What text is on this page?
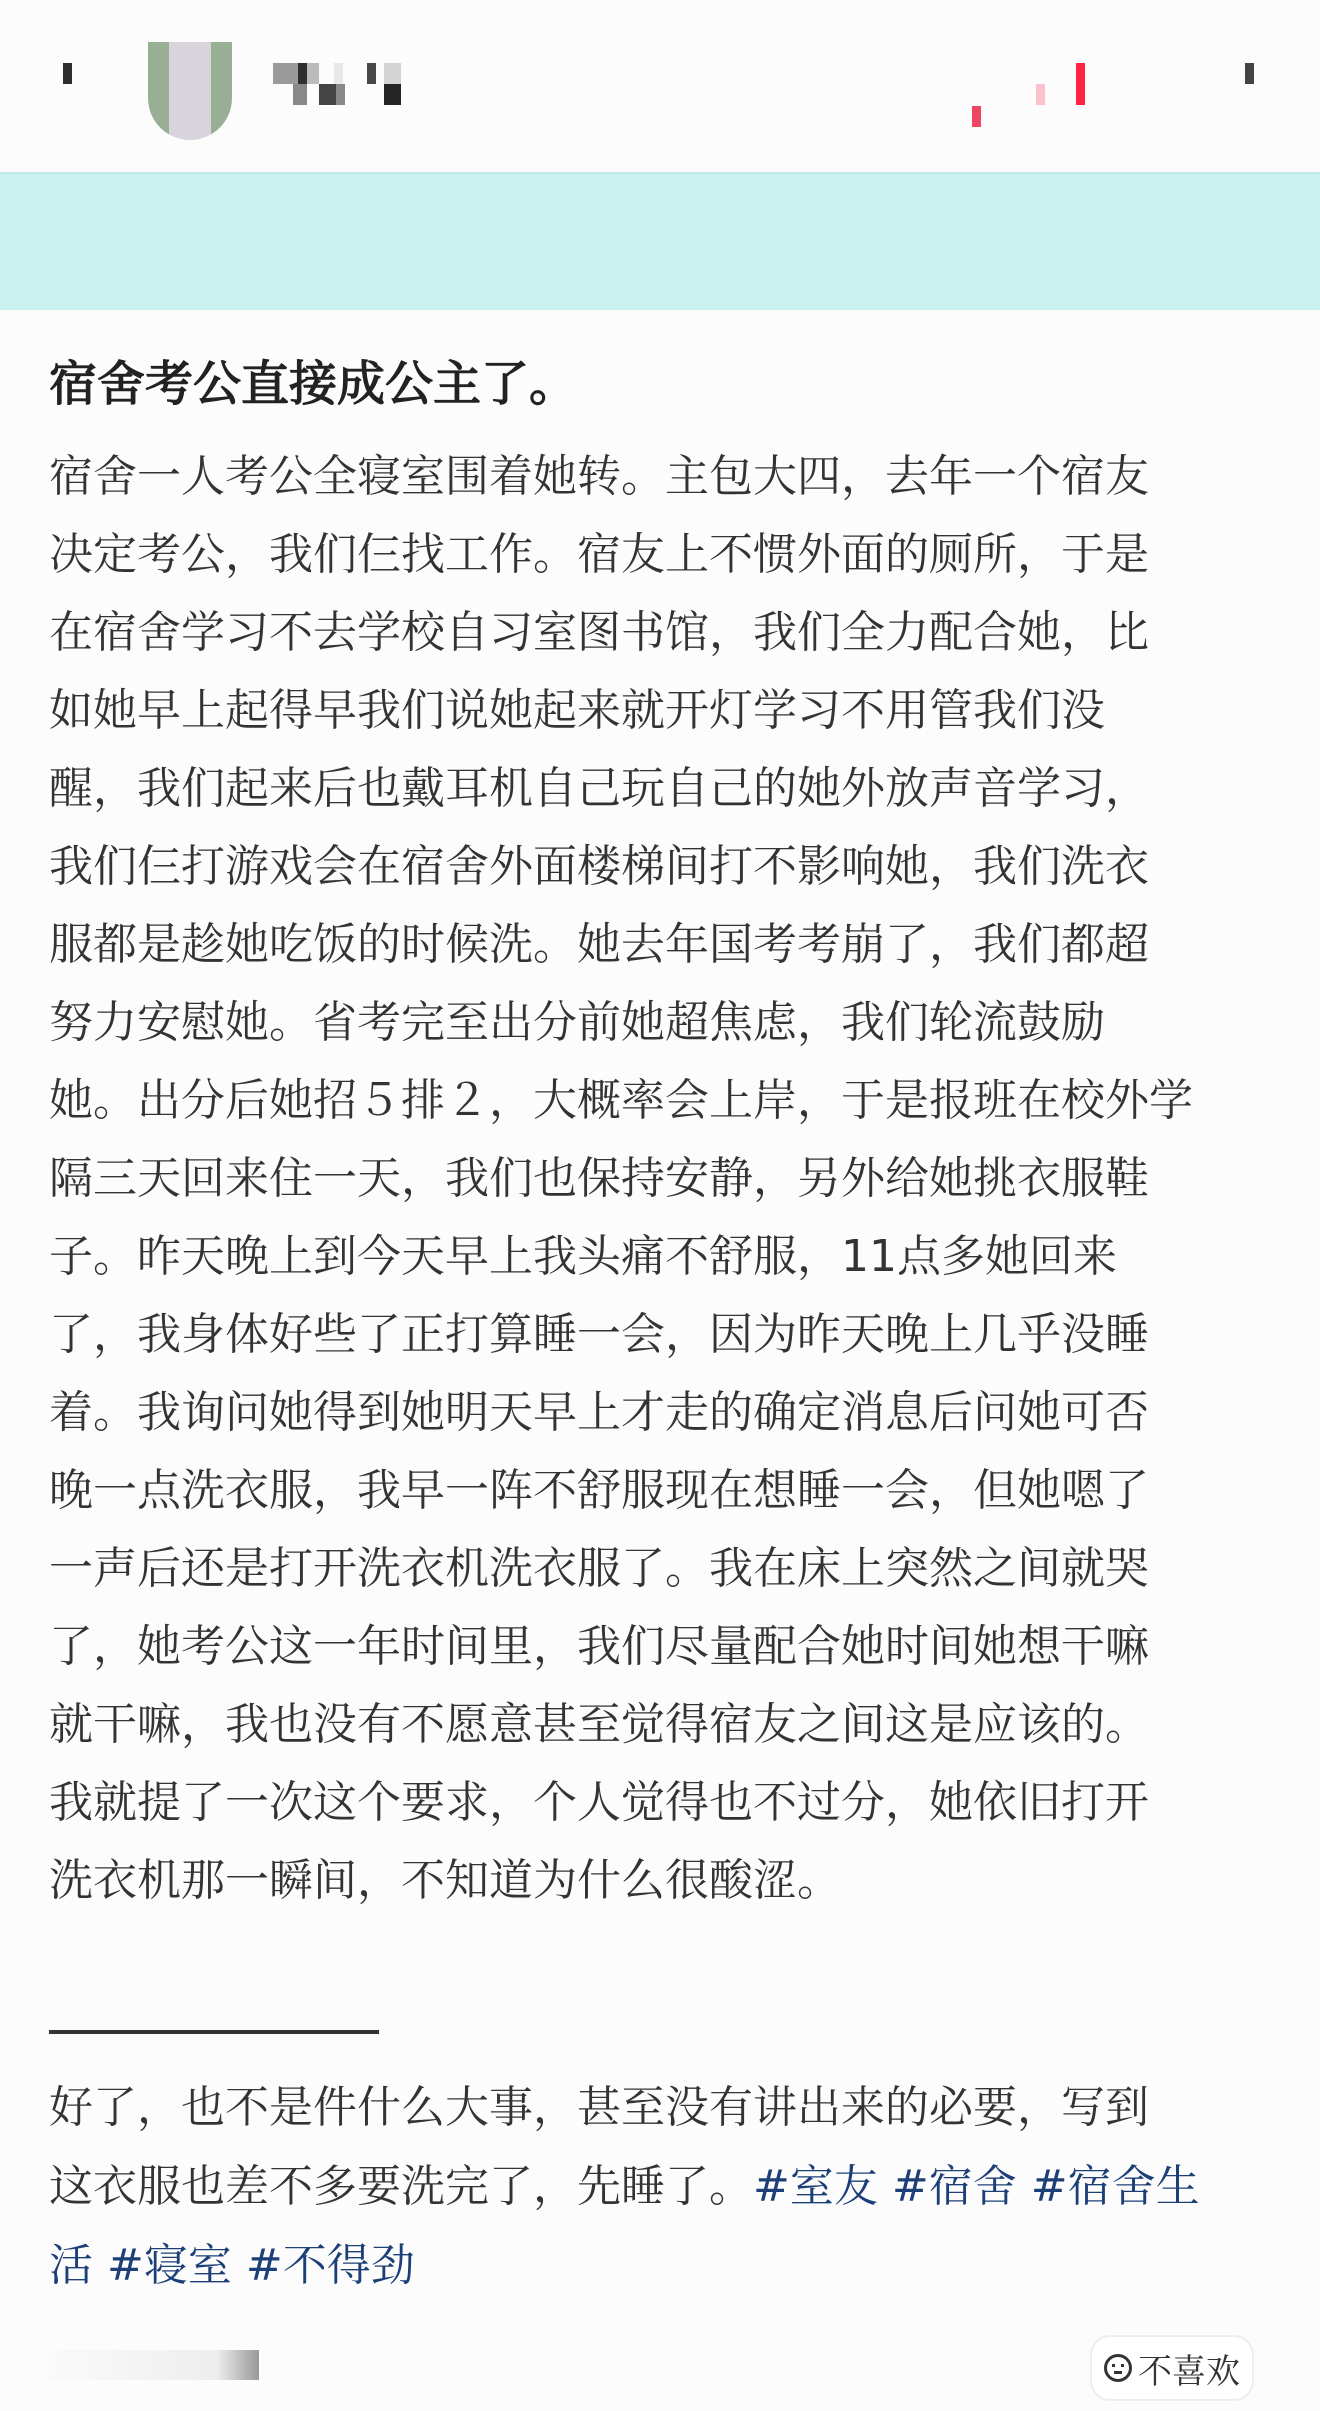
宿舍考公直接成公主了。
宿舍一人考公全寝室围着她转。主包大四，去年一个宿友
决定考公，我们仨找工作。宿友上不惯外面的厕所，于是
在宿舍学习不去学校自习室图书馆，我们全力配合她，比
如她早上起得早我们说她起来就开灯学习不用管我们没
醒，我们起来后也戴耳机自己玩自己的她外放声音学习，
我们仨打游戏会在宿舍外面楼梯间打不影响她，我们洗衣
服都是趁她吃饭的时候洗。她去年国考考崩了，我们都超
努力安慰她。省考完至出分前她超焦虑，我们轮流鼓励
她。出分后她招５排２，大概率会上岸，于是报班在校外学
隔三天回来住一天，我们也保持安静，另外给她挑衣服鞋
子。昨天晚上到今天早上我头痛不舒服，11点多她回来
了，我身体好些了正打算睡一会，因为昨天晚上几乎没睡
着。我询问她得到她明天早上才走的确定消息后问她可否
晚一点洗衣服，我早一阵不舒服现在想睡一会，但她嗯了
一声后还是打开洗衣机洗衣服了。我在床上突然之间就哭
了，她考公这一年时间里，我们尽量配合她时间她想干嘛
就干嘛，我也没有不愿意甚至觉得宿友之间这是应该的。
我就提了一次这个要求，个人觉得也不过分，她依旧打开
洗衣机那一瞬间，不知道为什么很酸涩。
好了，也不是件什么大事，甚至没有讲出来的必要，写到
这衣服也差不多要洗完了，先睡了。#室友 #宿舍 #宿舍生
活 #寝室 #不得劲
不喜欢
